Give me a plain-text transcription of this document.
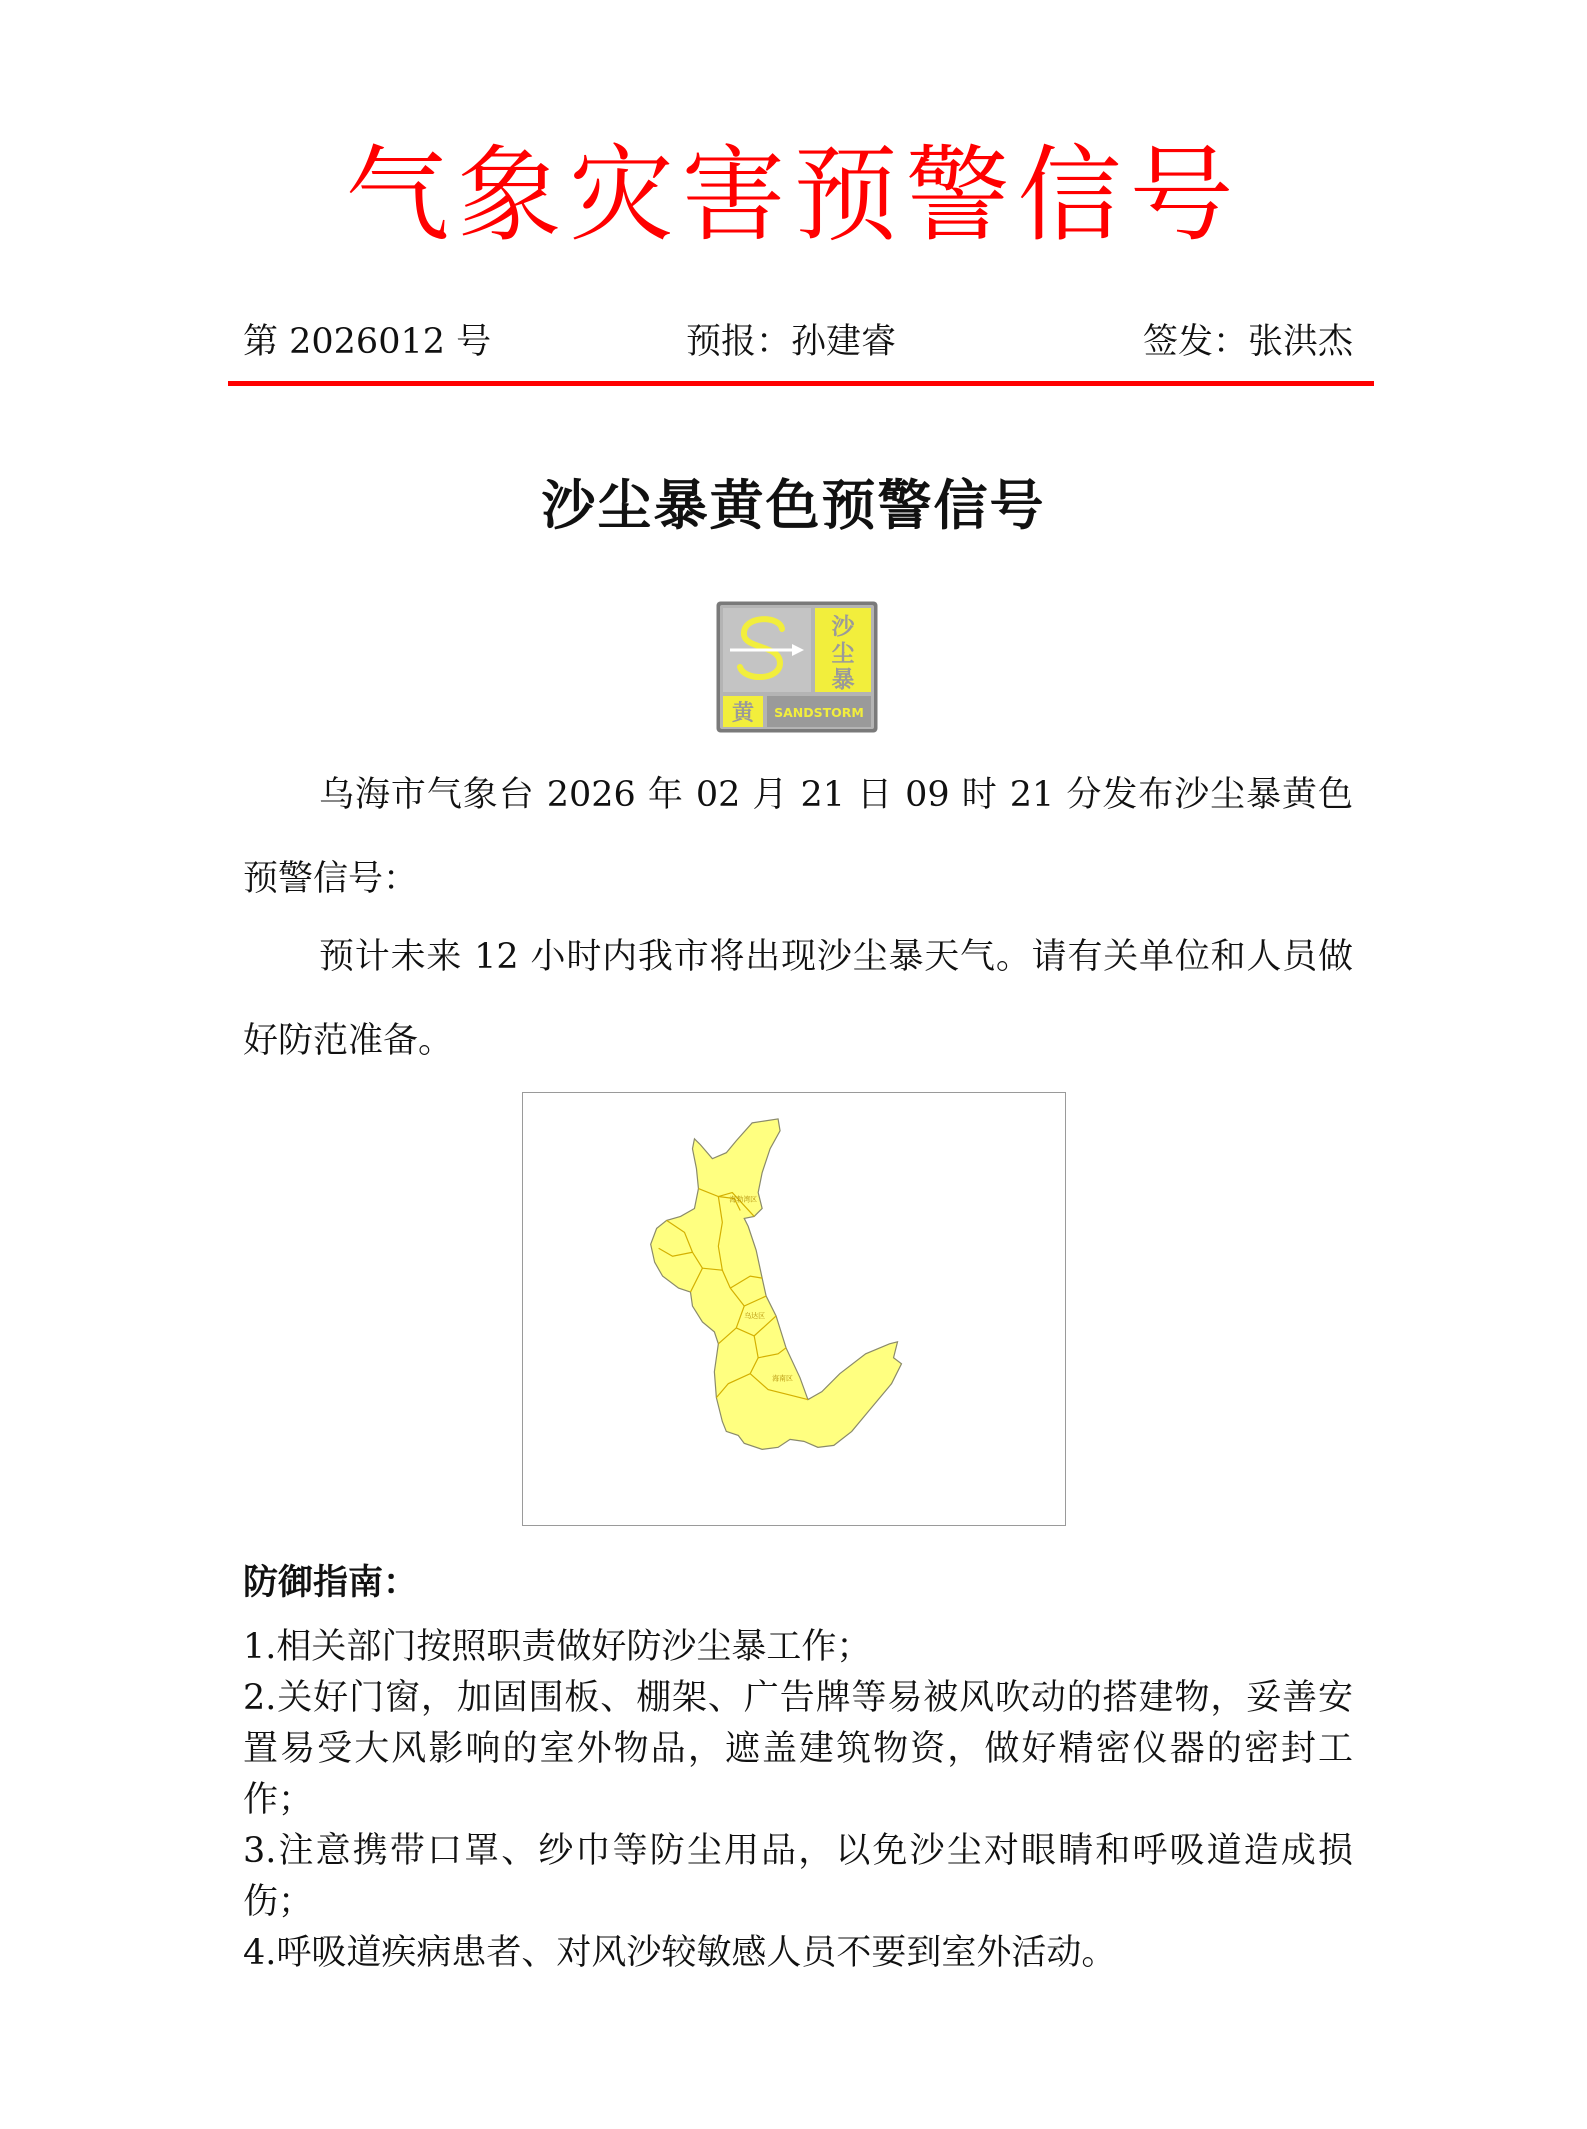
气象灾害预警信号
第 2026012 号	预报：孙建睿	签发：张洪杰
沙尘暴黄色预警信号
沙
尘
暴
黄 SANDSTORM
乌海市气象台 2026 年 02 月 21 日 09 时 21 分发布沙尘暴黄色预警信号：
预计未来 12 小时内我市将出现沙尘暴天气。请有关单位和人员做好防范准备。
海勃湾区
乌达区
海南区
防御指南：

1.相关部门按照职责做好防沙尘暴工作；

2.关好门窗，加固围板、棚架、广告牌等易被风吹动的搭建物，妥善安置易受大风影响的室外物品，遮盖建筑物资，做好精密仪器的密封工作；

3.注意携带口罩、纱巾等防尘用品，以免沙尘对眼睛和呼吸道造成损伤；

4.呼吸道疾病患者、对风沙较敏感人员不要到室外活动。
